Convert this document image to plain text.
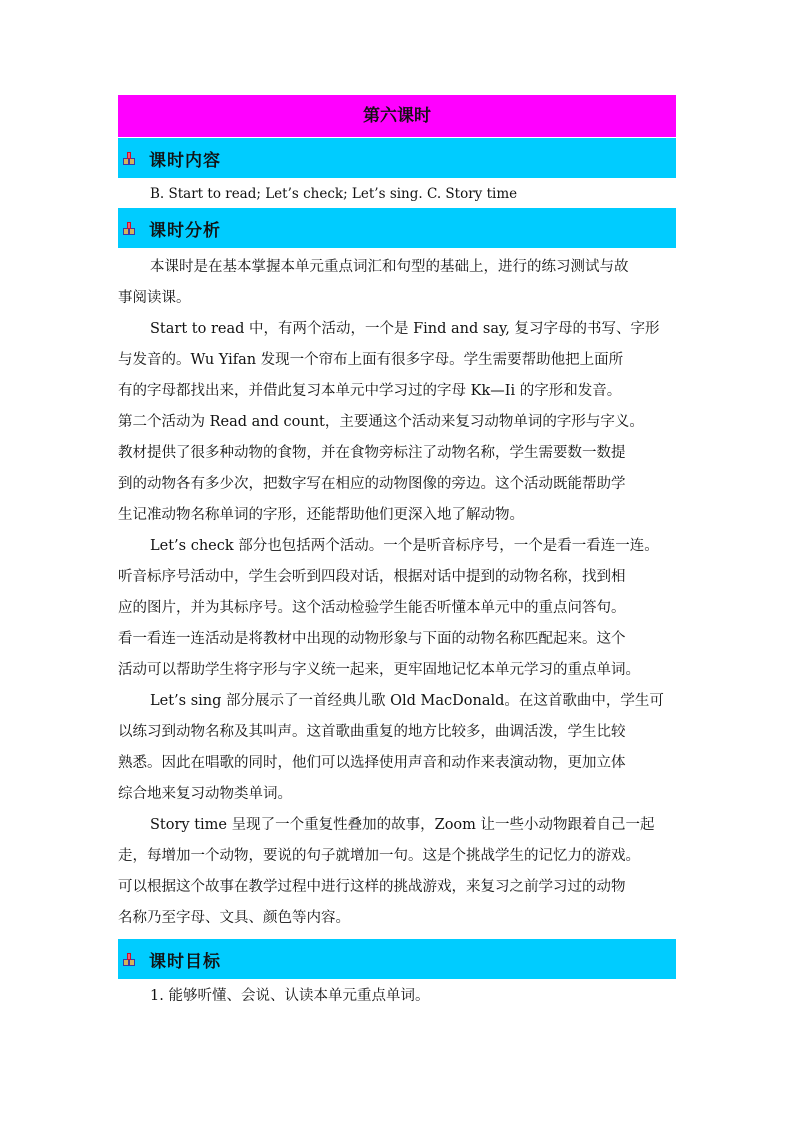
第六课时
课时内容
B. Start to read; Let’s check; Let’s sing. C. Story time
课时分析
本课时是在基本掌握本单元重点词汇和句型的基础上，进行的练习测试与故
事阅读课。
Start to read 中，有两个活动，一个是 Find and say, 复习字母的书写、字形
与发音的。Wu Yifan 发现一个帘布上面有很多字母。学生需要帮助他把上面所
有的字母都找出来，并借此复习本单元中学习过的字母 Kk—Ii 的字形和发音。
第二个活动为 Read and count，主要通这个活动来复习动物单词的字形与字义。
教材提供了很多种动物的食物，并在食物旁标注了动物名称，学生需要数一数提
到的动物各有多少次，把数字写在相应的动物图像的旁边。这个活动既能帮助学
生记准动物名称单词的字形，还能帮助他们更深入地了解动物。
Let’s check 部分也包括两个活动。一个是听音标序号，一个是看一看连一连。
听音标序号活动中，学生会听到四段对话，根据对话中提到的动物名称，找到相
应的图片，并为其标序号。这个活动检验学生能否听懂本单元中的重点问答句。
看一看连一连活动是将教材中出现的动物形象与下面的动物名称匹配起来。这个
活动可以帮助学生将字形与字义统一起来，更牢固地记忆本单元学习的重点单词。
Let’s sing 部分展示了一首经典儿歌 Old MacDonald。在这首歌曲中，学生可
以练习到动物名称及其叫声。这首歌曲重复的地方比较多，曲调活泼，学生比较
熟悉。因此在唱歌的同时，他们可以选择使用声音和动作来表演动物，更加立体
综合地来复习动物类单词。
Story time 呈现了一个重复性叠加的故事，Zoom 让一些小动物跟着自己一起
走，每增加一个动物，要说的句子就增加一句。这是个挑战学生的记忆力的游戏。
可以根据这个故事在教学过程中进行这样的挑战游戏，来复习之前学习过的动物
名称乃至字母、文具、颜色等内容。
课时目标
1. 能够听懂、会说、认读本单元重点单词。
